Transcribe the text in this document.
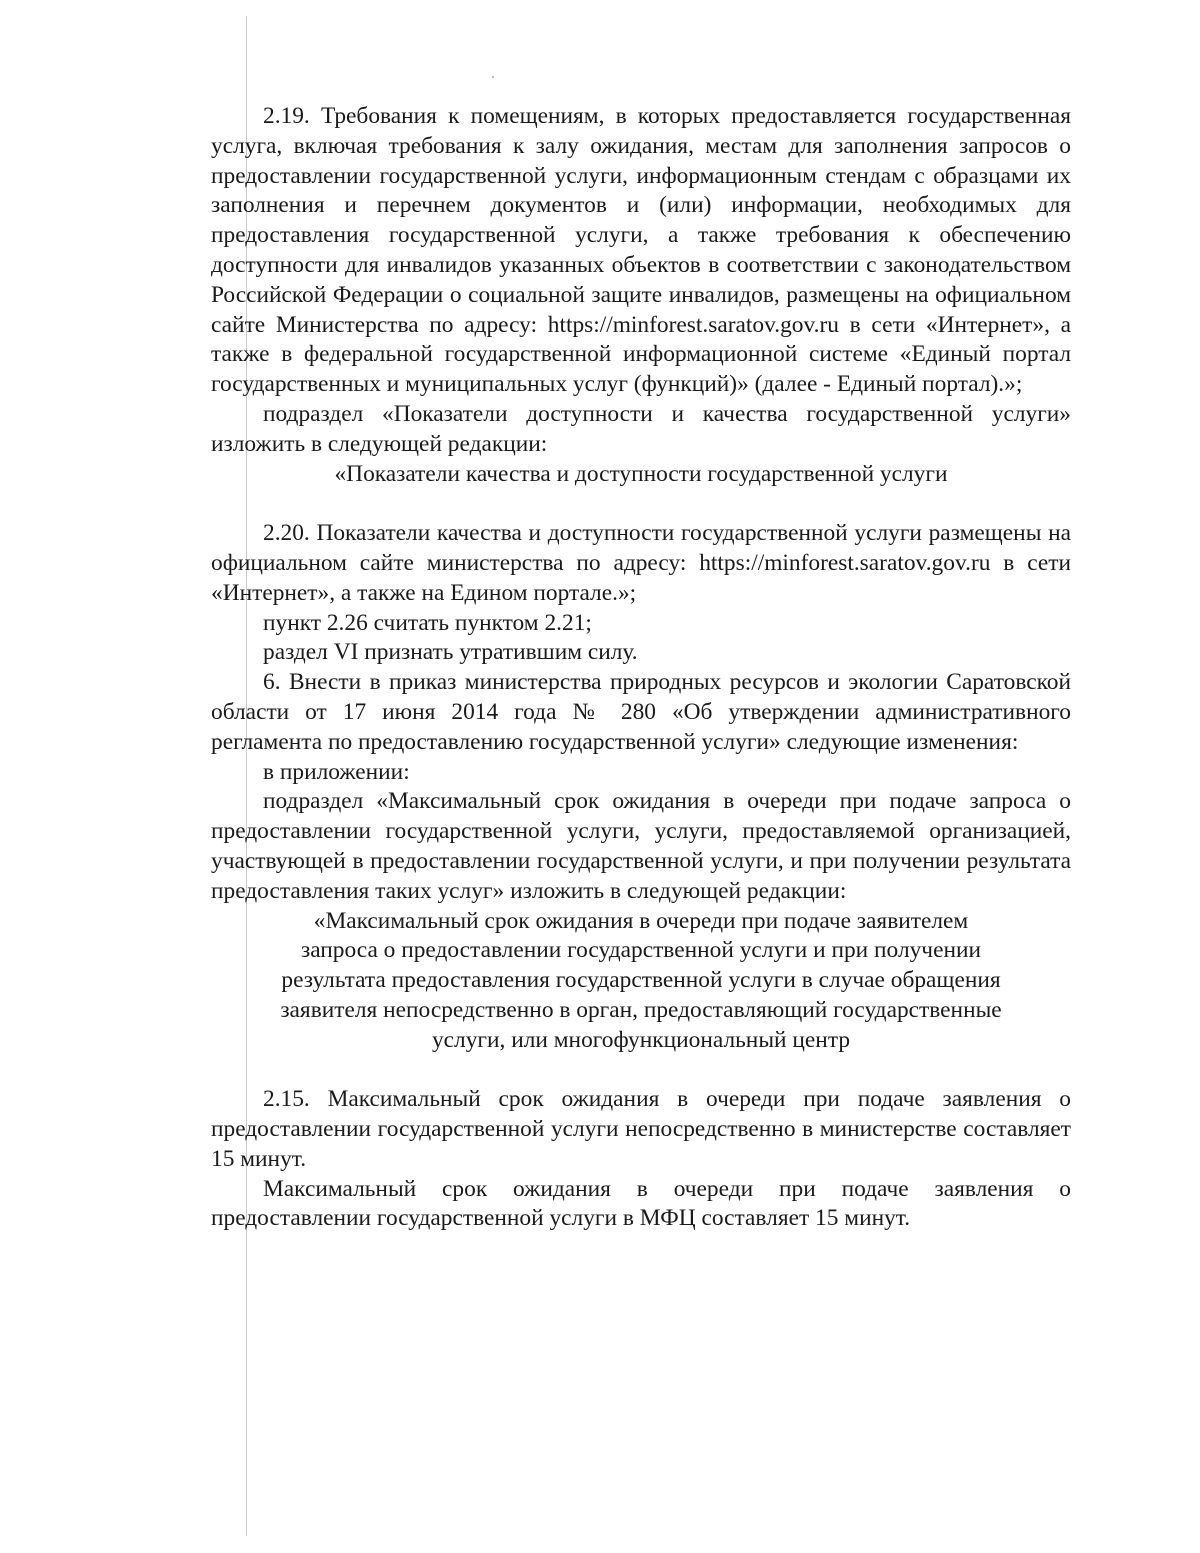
2.19. Требования к помещениям, в которых предоставляется государственная услуга, включая требования к залу ожидания, местам для заполнения запросов о предоставлении государственной услуги, информационным стендам с образцами их заполнения и перечнем документов и (или) информации, необходимых для предоставления государственной услуги, а также требования к обеспечению доступности для инвалидов указанных объектов в соответствии с законодательством Российской Федерации о социальной защите инвалидов, размещены на официальном сайте Министерства по адресу: https://minforest.saratov.gov.ru в сети «Интернет», а также в федеральной государственной информационной системе «Единый портал государственных и муниципальных услуг (функций)» (далее - Единый портал).»;

подраздел «Показатели доступности и качества государственной услуги» изложить в следующей редакции:

«Показатели качества и доступности государственной услуги

2.20. Показатели качества и доступности государственной услуги размещены на официальном сайте министерства по адресу: https://minforest.saratov.gov.ru в сети «Интернет», а также на Едином портале.»;

пункт 2.26 считать пунктом 2.21;

раздел VI признать утратившим силу.

6. Внести в приказ министерства природных ресурсов и экологии Саратовской области от 17 июня 2014 года № 280 «Об утверждении административного регламента по предоставлению государственной услуги» следующие изменения:

в приложении:

подраздел «Максимальный срок ожидания в очереди при подаче запроса о предоставлении государственной услуги, услуги, предоставляемой организацией, участвующей в предоставлении государственной услуги, и при получении результата предоставления таких услуг» изложить в следующей редакции:

«Максимальный срок ожидания в очереди при подаче заявителем
запроса о предоставлении государственной услуги и при получении
результата предоставления государственной услуги в случае обращения
заявителя непосредственно в орган, предоставляющий государственные
услуги, или многофункциональный центр

2.15. Максимальный срок ожидания в очереди при подаче заявления о предоставлении государственной услуги непосредственно в министерстве составляет 15 минут.

Максимальный срок ожидания в очереди при подаче заявления о предоставлении государственной услуги в МФЦ составляет 15 минут.
